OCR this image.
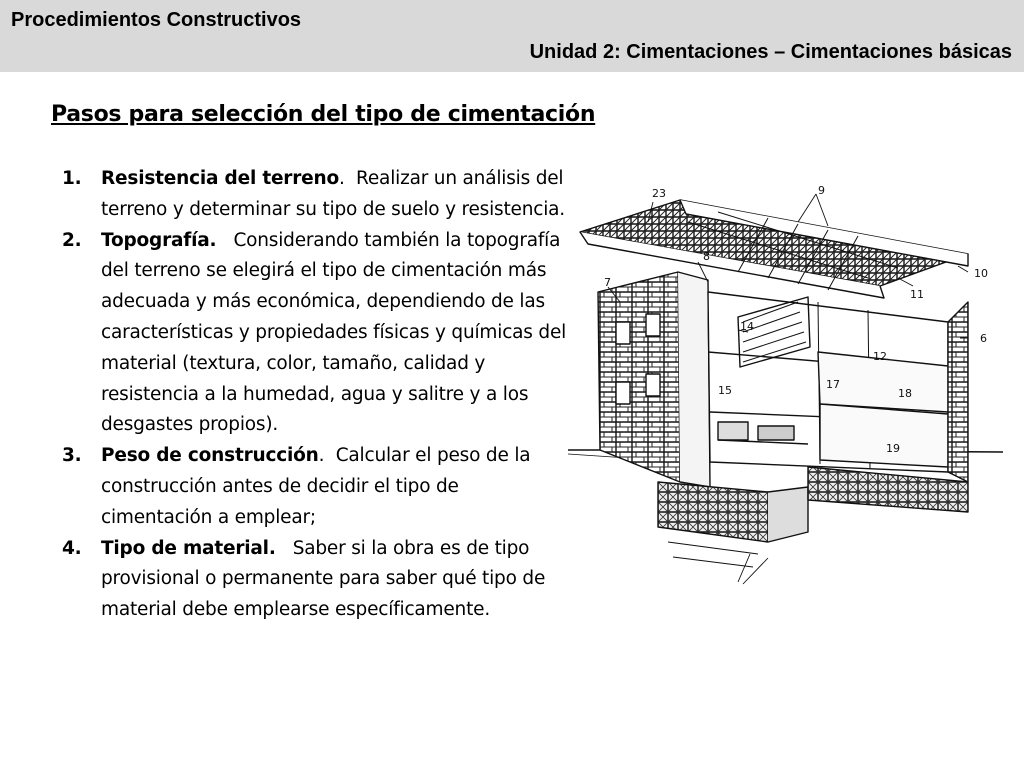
Procedimientos Constructivos
Unidad 2: Cimentaciones – Cimentaciones básicas
Pasos para selección del tipo de cimentación
1. Resistencia del terreno.  Realizar un análisis del terreno y determinar su tipo de suelo y resistencia.
2. Topografía. Considerando también la topografía del terreno se elegirá el tipo de cimentación más adecuada y más económica, dependiendo de las características y propiedades físicas y químicas del material (textura, color, tamaño, calidad y resistencia a la humedad, agua y salitre y a los desgastes propios).
3. Peso de construcción.  Calcular el peso de la construcción antes de decidir el tipo de cimentación a emplear;
4. Tipo de material. Saber si la obra es de tipo provisional o permanente para saber qué tipo de material debe emplearse específicamente.
23	9
8
10
7
11
6
14
12
15	17
18
19
